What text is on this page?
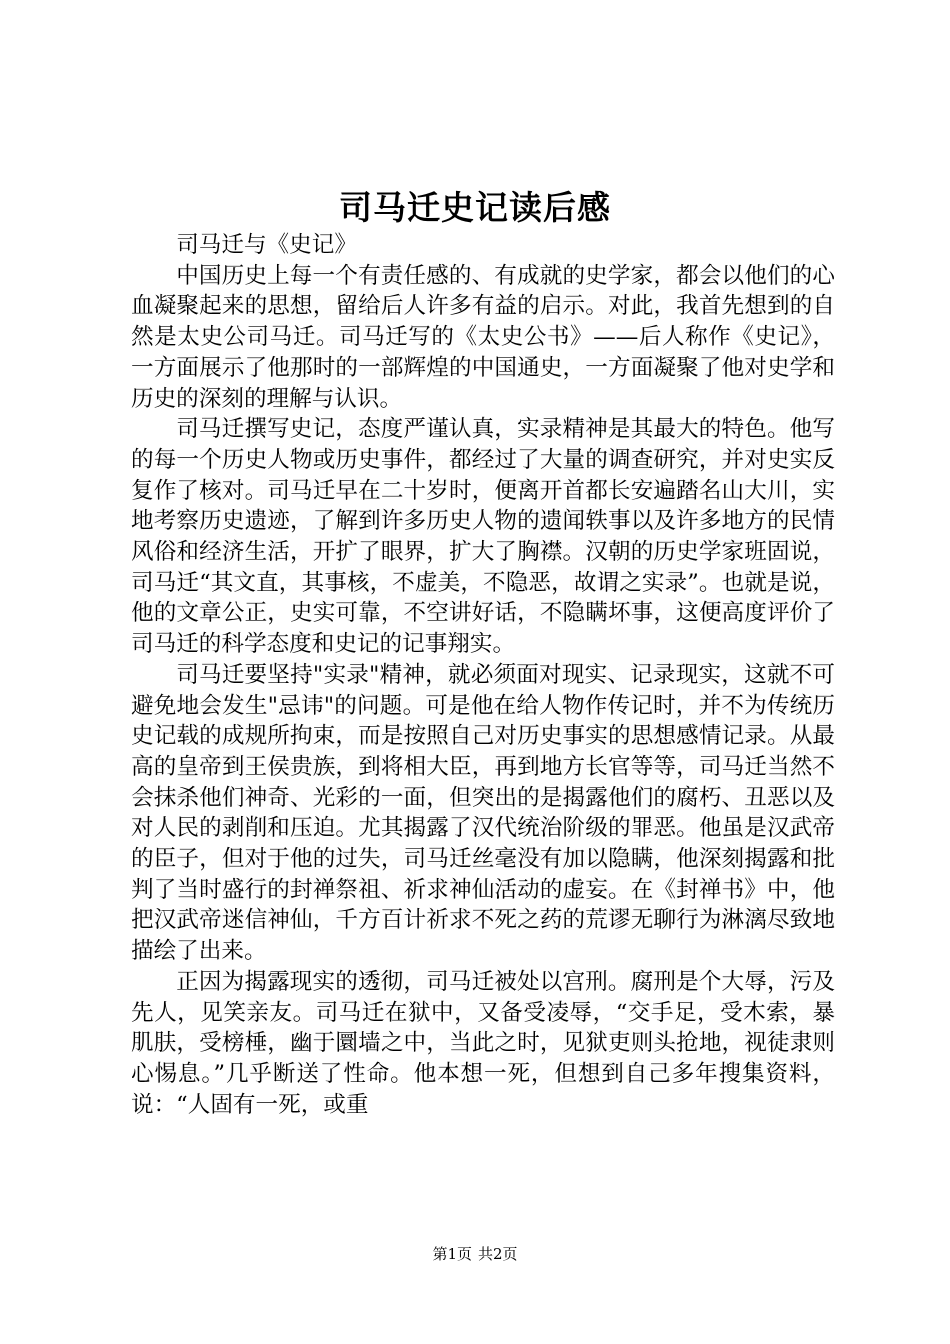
司马迁史记读后感

司马迁与《史记》

中国历史上每一个有责任感的、有成就的史学家，都会以他们的心血凝聚起来的思想，留给后人许多有益的启示。对此，我首先想到的自然是太史公司马迁。司马迁写的《太史公书》——后人称作《史记》，一方面展示了他那时的一部辉煌的中国通史，一方面凝聚了他对史学和历史的深刻的理解与认识。

司马迁撰写史记，态度严谨认真，实录精神是其最大的特色。他写的每一个历史人物或历史事件，都经过了大量的调查研究，并对史实反复作了核对。司马迁早在二十岁时，便离开首都长安遍踏名山大川，实地考察历史遗迹，了解到许多历史人物的遗闻轶事以及许多地方的民情风俗和经济生活，开扩了眼界，扩大了胸襟。汉朝的历史学家班固说，司马迁“其文直，其事核，不虚美，不隐恶，故谓之实录”。也就是说，他的文章公正，史实可靠，不空讲好话，不隐瞒坏事，这便高度评价了司马迁的科学态度和史记的记事翔实。

司马迁要坚持"实录"精神，就必须面对现实、记录现实，这就不可避免地会发生"忌讳"的问题。可是他在给人物作传记时，并不为传统历史记载的成规所拘束，而是按照自己对历史事实的思想感情记录。从最高的皇帝到王侯贵族，到将相大臣，再到地方长官等等，司马迁当然不会抹杀他们神奇、光彩的一面，但突出的是揭露他们的腐朽、丑恶以及对人民的剥削和压迫。尤其揭露了汉代统治阶级的罪恶。他虽是汉武帝的臣子，但对于他的过失，司马迁丝毫没有加以隐瞒，他深刻揭露和批判了当时盛行的封禅祭祖、祈求神仙活动的虚妄。在《封禅书》中，他把汉武帝迷信神仙，千方百计祈求不死之药的荒谬无聊行为淋漓尽致地描绘了出来。

正因为揭露现实的透彻，司马迁被处以宫刑。腐刑是个大辱，污及先人，见笑亲友。司马迁在狱中，又备受凌辱，“交手足，受木索，暴肌肤，受榜棰，幽于圜墙之中，当此之时，见狱吏则头抢地，视徒隶则心惕息。”几乎断送了性命。他本想一死，但想到自己多年搜集资料，说：“人固有一死，或重

第1页 共2页
